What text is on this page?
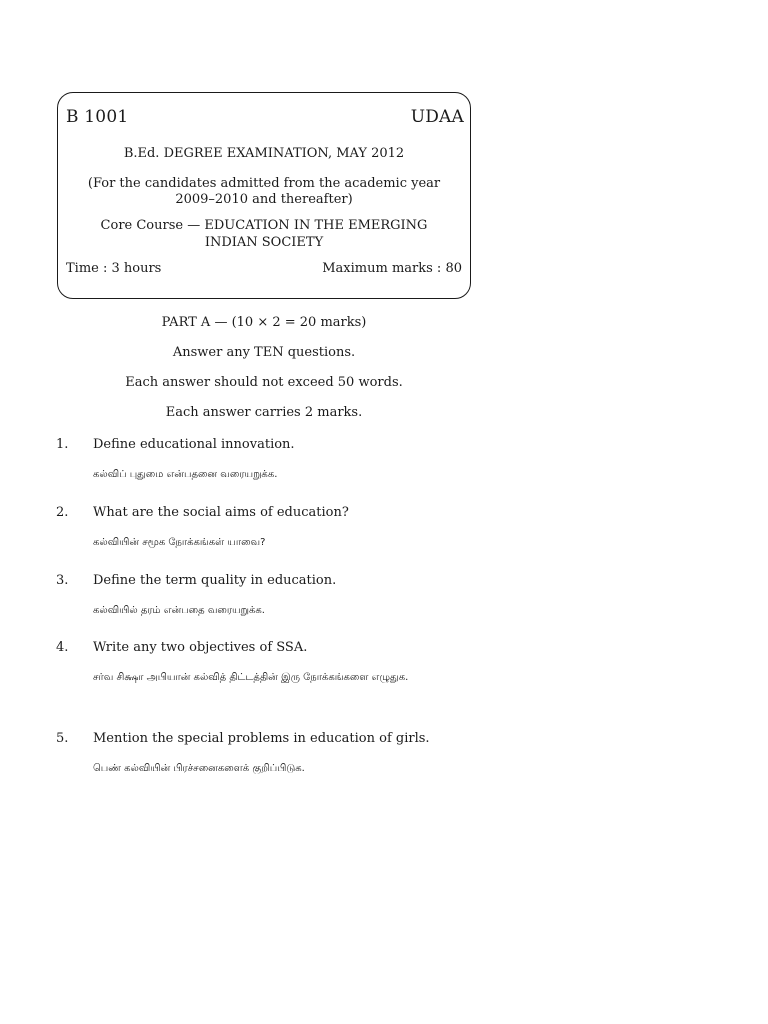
B 1001	UDAA
B.Ed. DEGREE EXAMINATION, MAY 2012
(For the candidates admitted from the academic year
2009–2010 and thereafter)
Core Course — EDUCATION IN THE EMERGING
INDIAN SOCIETY
Time : 3 hours	Maximum marks : 80
PART A — (10 × 2 = 20 marks)
Answer any TEN questions.
Each answer should not exceed 50 words.
Each answer carries 2 marks.
1. Define educational innovation.
கல்விப் புதுமை என்பதனை வரையறுக்க.
2. What are the social aims of education?
கல்வியின் சமூக நோக்கங்கள் யாவை?
3. Define the term quality in education.
கல்வியில் தரம் என்பதை வரையறுக்க.
4. Write any two objectives of SSA.
சர்வ சிக்ஷா அபியான் கல்வித் திட்டத்தின் இரு நோக்கங்களை எழுதுக.
5. Mention the special problems in education of girls.
பெண் கல்வியின் பிரச்சனைகளைக் குறிப்பிடுக.
